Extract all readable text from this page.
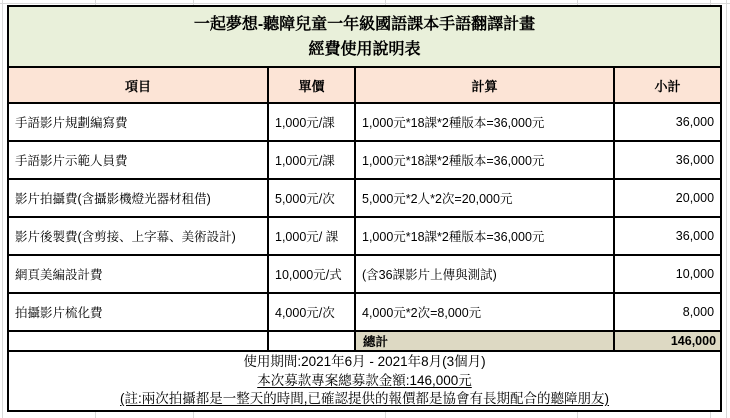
一起夢想-聽障兒童一年級國語課本手語翻譯計畫
經費使用說明表			

項目	單價	計算	小計
手語影片規劃編寫費	1,000元/課	1,000元*18課*2種版本=36,000元	36,000
手語影片示範人員費	1,000元/課	1,000元*18課*2種版本=36,000元	36,000
影片拍攝費(含攝影機燈光器材租借)	5,000元/次	5,000元*2人*2次=20,000元	20,000
影片後製費(含剪接、上字幕、美術設計)	1,000元/ 課	1,000元*18課*2種版本=36,000元	36,000
網頁美編設計費	10,000元/式	(含36課影片上傳與測試)	10,000
拍攝影片梳化費	4,000元/次	4,000元*2次=8,000元	8,000
		總計	146,000

使用期間:2021年6月 - 2021年8月(3個月)
本次募款專案總募款金額:146,000元
(註:兩次拍攝都是一整天的時間,已確認提供的報價都是協會有長期配合的聽障朋友)			
